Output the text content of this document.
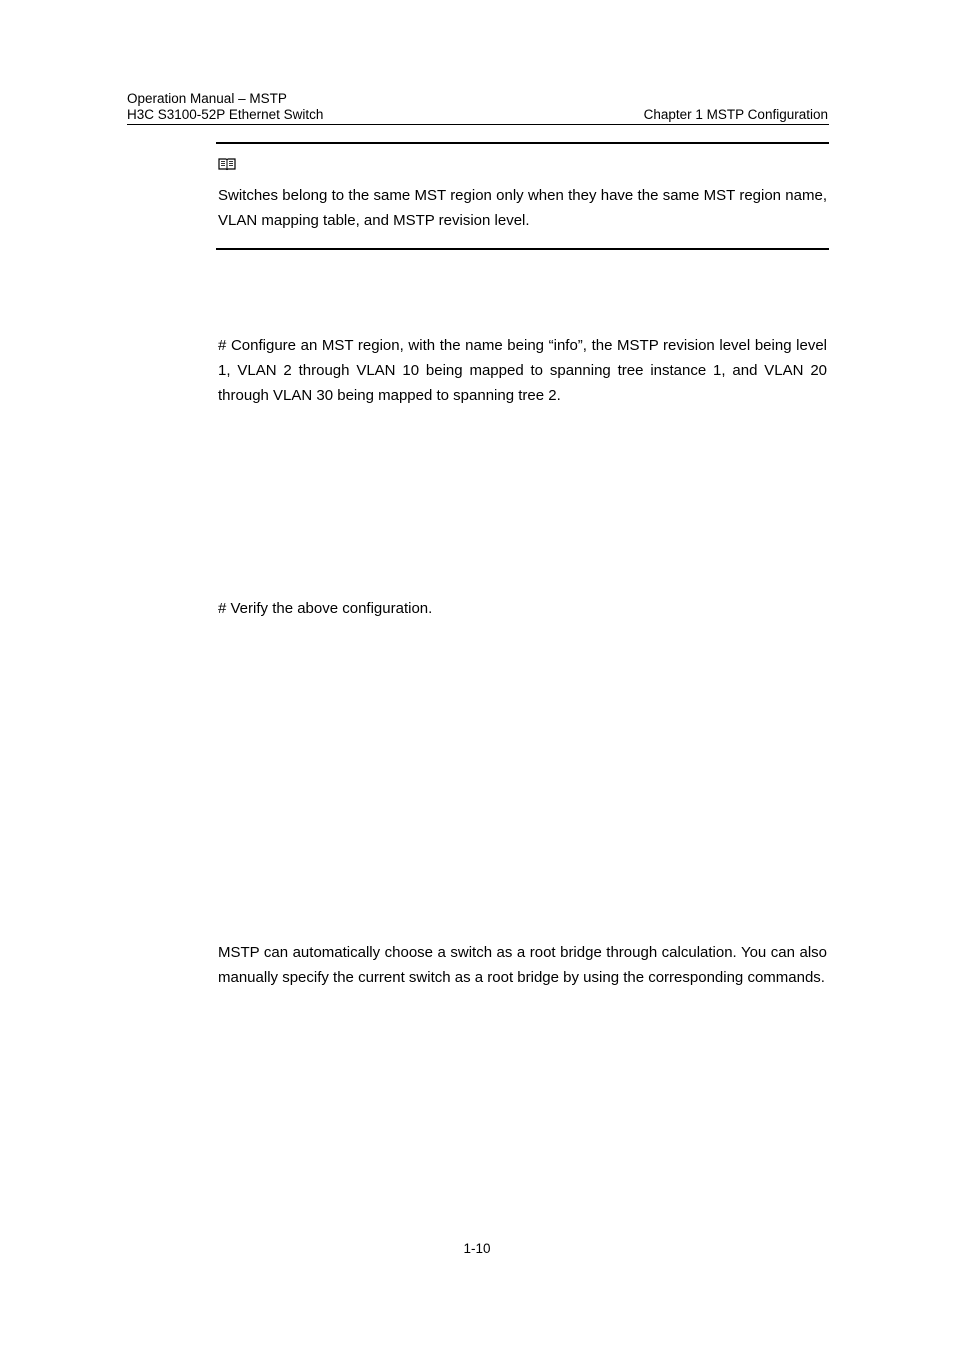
Operation Manual – MSTP
H3C S3100-52P Ethernet Switch	Chapter 1 MSTP Configuration
Switches belong to the same MST region only when they have the same MST region name, VLAN mapping table, and MSTP revision level.
# Configure an MST region, with the name being “info”, the MSTP revision level being level 1, VLAN 2 through VLAN 10 being mapped to spanning tree instance 1, and VLAN 20 through VLAN 30 being mapped to spanning tree 2.
# Verify the above configuration.
MSTP can automatically choose a switch as a root bridge through calculation. You can also manually specify the current switch as a root bridge by using the corresponding commands.
1-10
